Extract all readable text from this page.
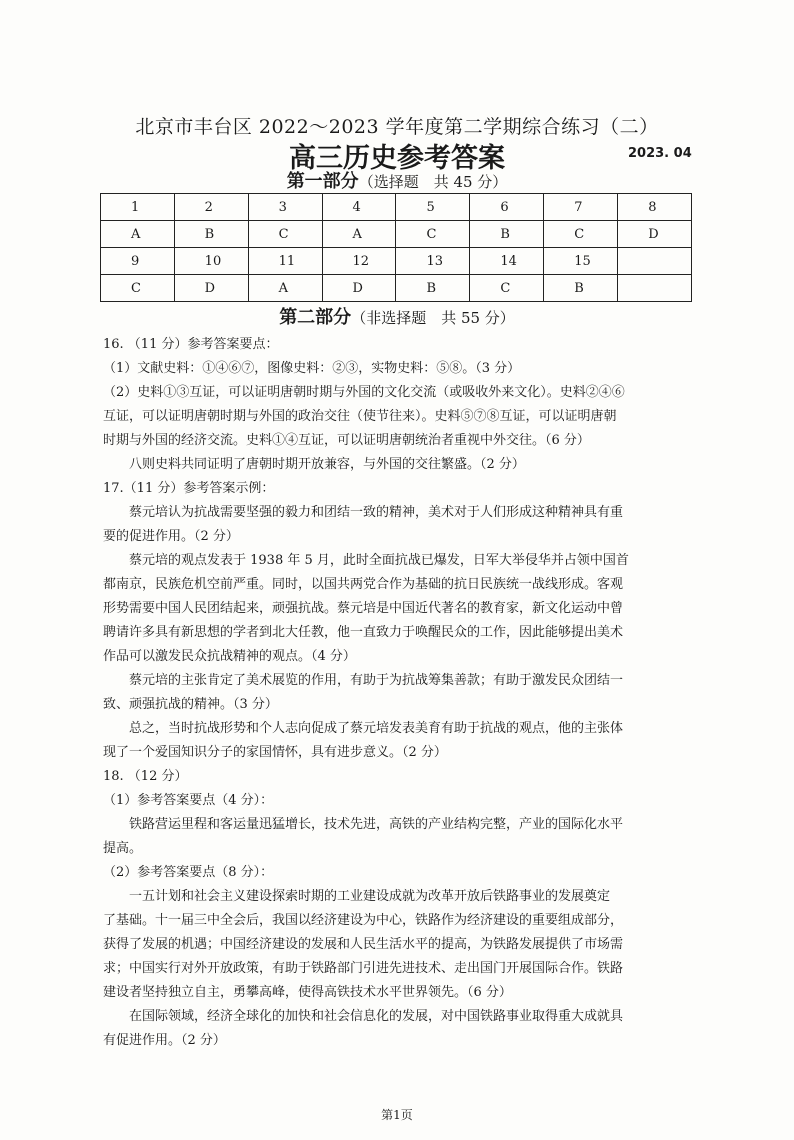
北京市丰台区 2022～2023 学年度第二学期综合练习（二）
高三历史参考答案	2023. 04
第一部分（选择题　共 45 分）
1	2	3	4	5	6	7	8
A	B	C	A	C	B	C	D
9	10	11	12	13	14	15	
C	D	A	D	B	C	B	
第二部分（非选择题　共 55 分）

16. （11 分）参考答案要点：

（1）文献史料：①④⑥⑦，图像史料：②③，实物史料：⑤⑧。（3 分）

（2）史料①③互证，可以证明唐朝时期与外国的文化交流（或吸收外来文化）。史料②④⑥

互证，可以证明唐朝时期与外国的政治交往（使节往来）。史料⑤⑦⑧互证，可以证明唐朝

时期与外国的经济交流。史料①④互证，可以证明唐朝统治者重视中外交往。（6 分）

八则史料共同证明了唐朝时期开放兼容，与外国的交往繁盛。（2 分）

17.（11 分）参考答案示例：

蔡元培认为抗战需要坚强的毅力和团结一致的精神，美术对于人们形成这种精神具有重

要的促进作用。（2 分）

蔡元培的观点发表于 1938 年 5 月，此时全面抗战已爆发，日军大举侵华并占领中国首

都南京，民族危机空前严重。同时，以国共两党合作为基础的抗日民族统一战线形成。客观

形势需要中国人民团结起来，顽强抗战。蔡元培是中国近代著名的教育家，新文化运动中曾

聘请许多具有新思想的学者到北大任教，他一直致力于唤醒民众的工作，因此能够提出美术

作品可以激发民众抗战精神的观点。（4 分）

蔡元培的主张肯定了美术展览的作用，有助于为抗战筹集善款；有助于激发民众团结一

致、顽强抗战的精神。（3 分）

总之，当时抗战形势和个人志向促成了蔡元培发表美育有助于抗战的观点，他的主张体

现了一个爱国知识分子的家国情怀，具有进步意义。（2 分）

18. （12 分）

（1）参考答案要点（4 分）：

铁路营运里程和客运量迅猛增长，技术先进，高铁的产业结构完整，产业的国际化水平

提高。

（2）参考答案要点（8 分）：

一五计划和社会主义建设探索时期的工业建设成就为改革开放后铁路事业的发展奠定

了基础。十一届三中全会后，我国以经济建设为中心，铁路作为经济建设的重要组成部分，

获得了发展的机遇；中国经济建设的发展和人民生活水平的提高，为铁路发展提供了市场需

求；中国实行对外开放政策，有助于铁路部门引进先进技术、走出国门开展国际合作。铁路

建设者坚持独立自主，勇攀高峰，使得高铁技术水平世界领先。（6 分）

在国际领域，经济全球化的加快和社会信息化的发展，对中国铁路事业取得重大成就具

有促进作用。（2 分）

第1页
